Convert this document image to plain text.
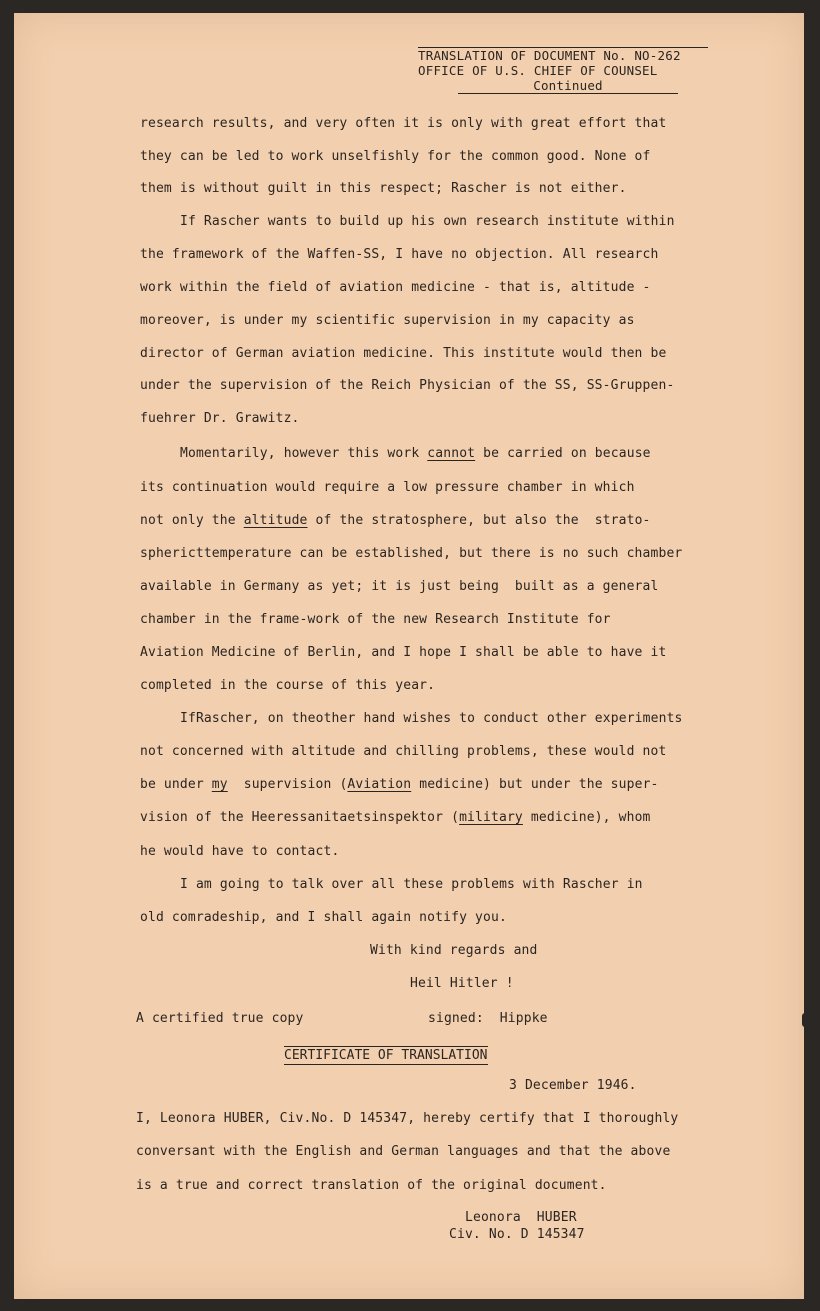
TRANSLATION OF DOCUMENT No. NO-262
OFFICE OF U.S. CHIEF OF COUNSEL
Continued
research results, and very often it is only with great effort that
they can be led to work unselfishly for the common good. None of
them is without guilt in this respect; Rascher is not either.
If Rascher wants to build up his own research institute within
the framework of the Waffen-SS, I have no objection. All research
work within the field of aviation medicine - that is, altitude -
moreover, is under my scientific supervision in my capacity as
director of German aviation medicine. This institute would then be
under the supervision of the Reich Physician of the SS, SS-Gruppen-
fuehrer Dr. Grawitz.
Momentarily, however this work cannot be carried on because
its continuation would require a low pressure chamber in which
not only the altitude of the stratosphere, but also the  strato-
sphericttemperature can be established, but there is no such chamber
available in Germany as yet; it is just being  built as a general
chamber in the frame-work of the new Research Institute for
Aviation Medicine of Berlin, and I hope I shall be able to have it
completed in the course of this year.
IfRascher, on theother hand wishes to conduct other experiments
not concerned with altitude and chilling problems, these would not
be under my  supervision (Aviation medicine) but under the super-
vision of the Heeressanitaetsinspektor (military medicine), whom
he would have to contact.
I am going to talk over all these problems with Rascher in
old comradeship, and I shall again notify you.
With kind regards and
Heil Hitler !
A certified true copy	signed:  Hippke
CERTIFICATE OF TRANSLATION
3 December 1946.
I, Leonora HUBER, Civ.No. D 145347, hereby certify that I thoroughly
conversant with the English and German languages and that the above
is a true and correct translation of the original document.
Leonora  HUBER
Civ. No. D 145347
